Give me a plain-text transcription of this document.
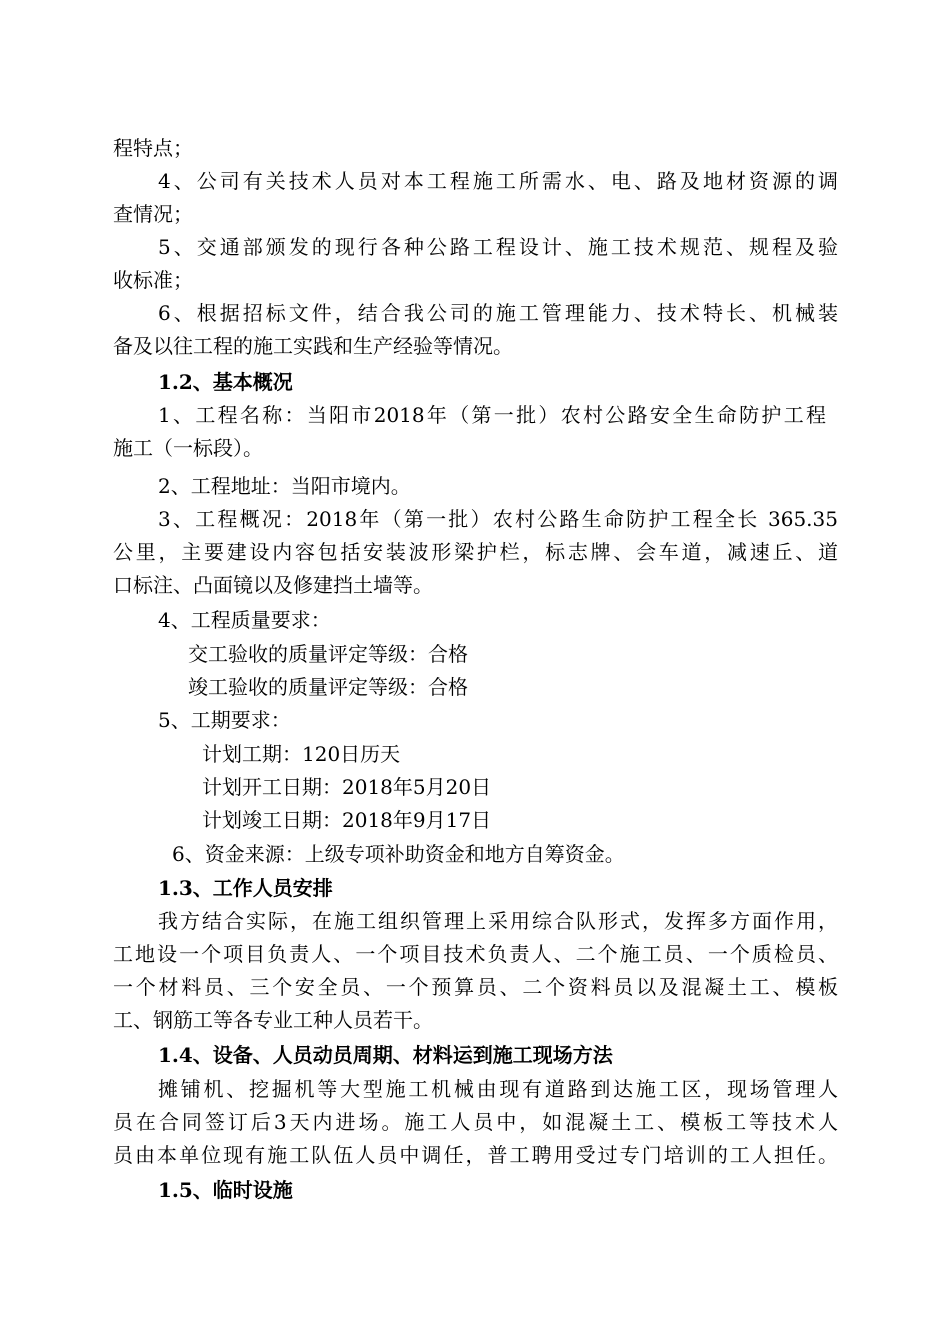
程特点；
4、公司有关技术人员对本工程施工所需水、电、路及地材资源的调
查情况；
5、交通部颁发的现行各种公路工程设计、施工技术规范、规程及验
收标准；
6、根据招标文件，结合我公司的施工管理能力、技术特长、机械装
备及以往工程的施工实践和生产经验等情况。
1.2、基本概况
1、工程名称：当阳市2018年（第一批）农村公路安全生命防护工程
施工（一标段）。
2、工程地址：当阳市境内。
3、工程概况：2018年（第一批）农村公路生命防护工程全长 365.35
公里，主要建设内容包括安装波形梁护栏，标志牌、会车道，减速丘、道
口标注、凸面镜以及修建挡土墙等。
4、工程质量要求：
交工验收的质量评定等级：合格
竣工验收的质量评定等级：合格
5、工期要求：
计划工期：120日历天
计划开工日期：2018年5月20日
计划竣工日期：2018年9月17日
6、资金来源：上级专项补助资金和地方自筹资金。
1.3、工作人员安排
我方结合实际，在施工组织管理上采用综合队形式，发挥多方面作用，
工地设一个项目负责人、一个项目技术负责人、二个施工员、一个质检员、
一个材料员、三个安全员、一个预算员、二个资料员以及混凝土工、模板
工、钢筋工等各专业工种人员若干。
1.4、设备、人员动员周期、材料运到施工现场方法
摊铺机、挖掘机等大型施工机械由现有道路到达施工区，现场管理人
员在合同签订后3天内进场。施工人员中，如混凝土工、模板工等技术人
员由本单位现有施工队伍人员中调任，普工聘用受过专门培训的工人担任。
1.5、临时设施
